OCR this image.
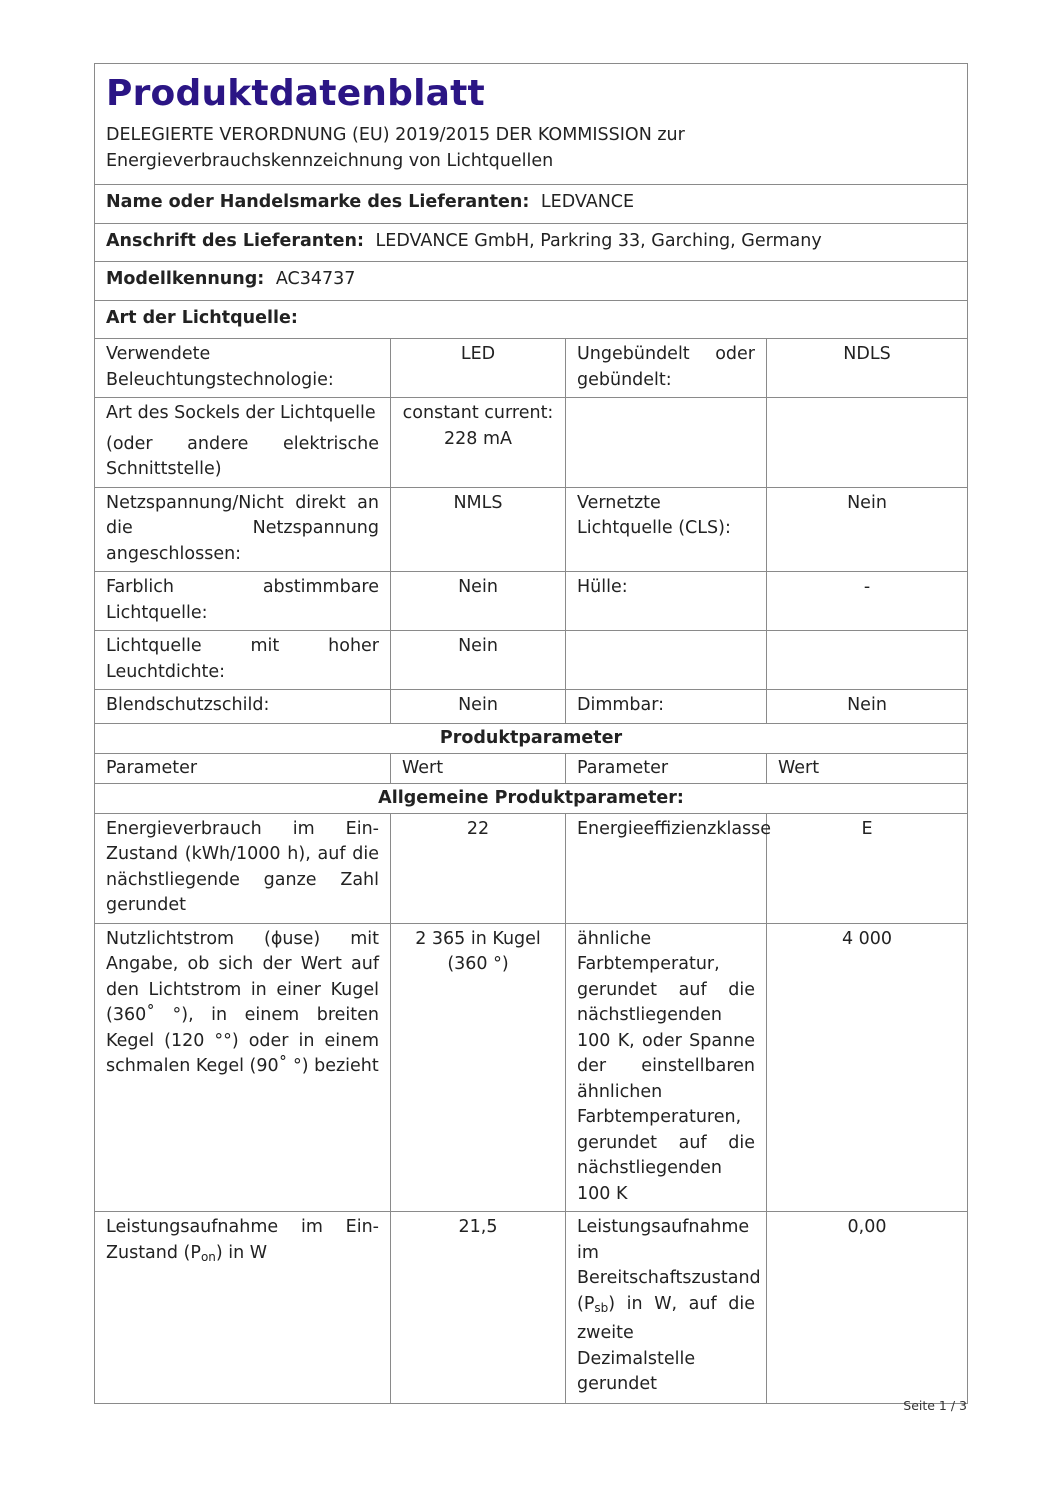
Produktdatenblatt
DELEGIERTE VERORDNUNG (EU) 2019/2015 DER KOMMISSION zur
Energieverbrauchskennzeichnung von Lichtquellen			

Name oder Handelsmarke des Lieferanten: LEDVANCE			
Anschrift des Lieferanten: LEDVANCE GmbH, Parkring 33, Garching, Germany			
Modellkennung: AC34737			
Art der Lichtquelle:			
Verwendete Beleuchtungstechnologie:	LED	Ungebündelt oder gebündelt:	NDLS

Art des Sockels der Lichtquelle
(oder andere elektrische Schnittstelle)	constant current: 228 mA		
Netzspannung/Nicht direkt an die Netzspannung angeschlossen:	NMLS	Vernetzte Lichtquelle (CLS):	Nein
Farblich abstimmbare Lichtquelle:	Nein	Hülle:	-
Lichtquelle mit hoher Leuchtdichte:	Nein		
Blendschutzschild:	Nein	Dimmbar:	Nein
Produktparameter			
Parameter	Wert	Parameter	Wert
Allgemeine Produktparameter:			
Energieverbrauch im Ein-Zustand (kWh/1000 h), auf die nächstliegende ganze Zahl gerundet	22	Energieeffizienzklasse	E
Nutzlichtstrom (ɸuse) mit Angabe, ob sich der Wert auf den Lichtstrom in einer Kugel (360˚ °), in einem breiten Kegel (120 °°) oder in einem schmalen Kegel (90˚ °) bezieht	2 365 in Kugel (360 °)	ähnliche Farbtemperatur, gerundet auf die nächstliegenden 100 K, oder Spanne der einstellbaren ähnlichen Farbtemperaturen, gerundet auf die nächstliegenden 100 K	4 000
Leistungsaufnahme im Ein-Zustand $(P_{on})$ in W	21,5	Leistungsaufnahme im Bereitschaftszustand $(P_{sb})$ in W, auf die zweite Dezimalstelle gerundet	0,00
Seite 1 / 3
